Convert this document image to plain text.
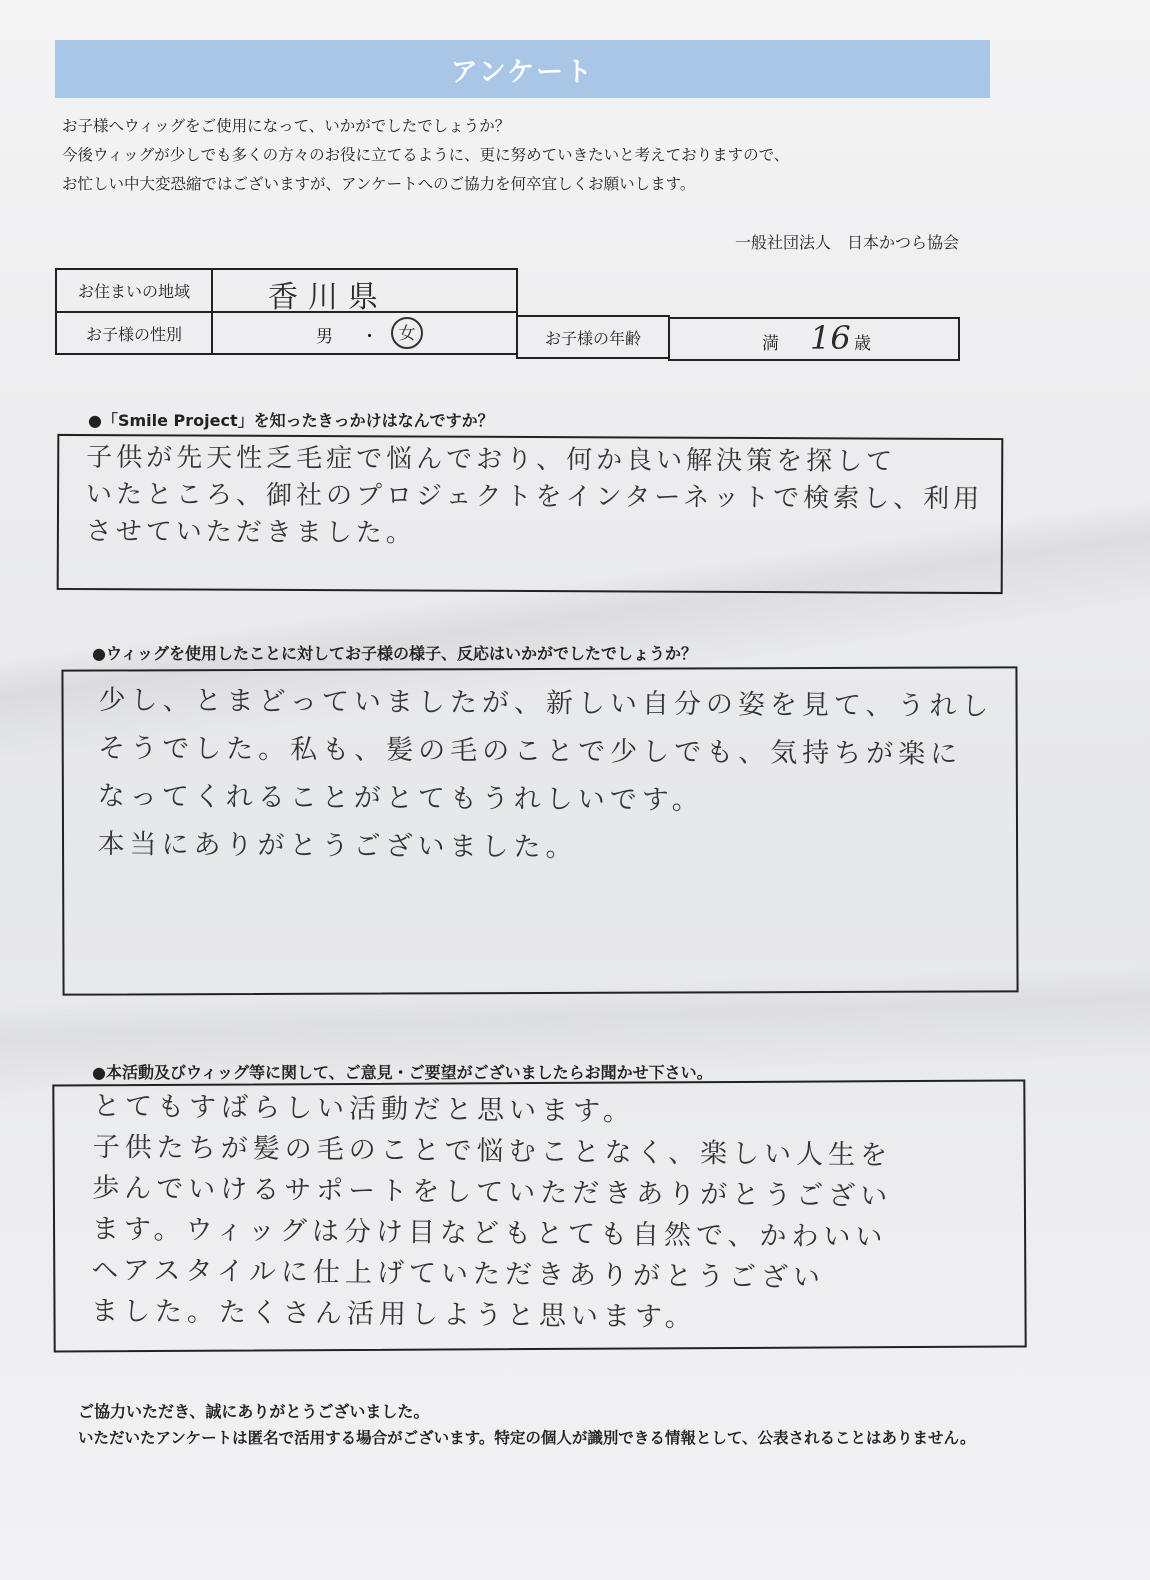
アンケート
お子様へウィッグをご使用になって、いかがでしたでしょうか？
今後ウィッグが少しでも多くの方々のお役に立てるように、更に努めていきたいと考えておりますので、
お忙しい中大変恐縮ではございますが、アンケートへのご協力を何卒宜しくお願いします。
一般社団法人　日本かつら協会
お住まいの地域	香川県
お子様の性別	男 ・	女	お子様の年齢	満 16 歳
●「Smile Project」を知ったきっかけはなんですか？
子供が先天性乏毛症で悩んでおり、何か良い解決策を探して
いたところ、御社のプロジェクトをインターネットで検索し、利用
させていただきました。
●ウィッグを使用したことに対してお子様の様子、反応はいかがでしたでしょうか？
少し、とまどっていましたが、新しい自分の姿を見て、うれし
そうでした。私も、髪の毛のことで少しでも、気持ちが楽に
なってくれることがとてもうれしいです。
本当にありがとうございました。
●本活動及びウィッグ等に関して、ご意見・ご要望がございましたらお聞かせ下さい。
とてもすばらしい活動だと思います。
子供たちが髪の毛のことで悩むことなく、楽しい人生を
歩んでいけるサポートをしていただきありがとうござい
ます。ウィッグは分け目などもとても自然で、かわいい
ヘアスタイルに仕上げていただきありがとうござい
ました。たくさん活用しようと思います。
ご協力いただき、誠にありがとうございました。
いただいたアンケートは匿名で活用する場合がございます。特定の個人が識別できる情報として、公表されることはありません。
